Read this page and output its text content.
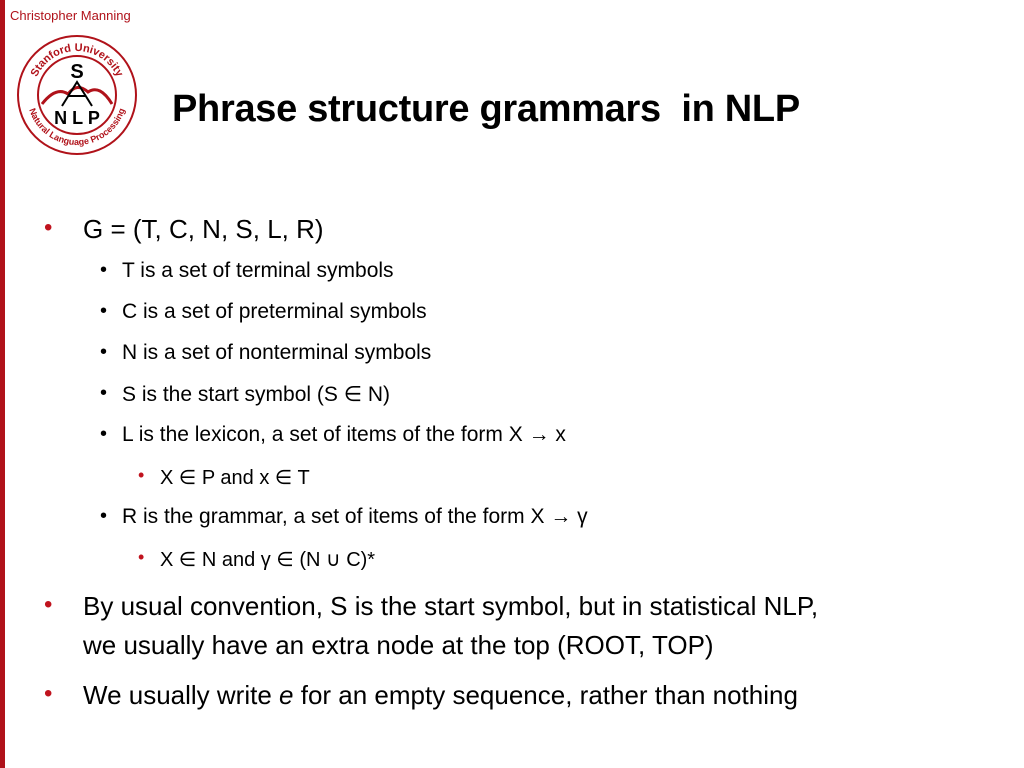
Christopher Manning
Stanford University
Natural Language Processing
S
N L P Phrase structure grammars  in NLP
• G = (T, C, N, S, L, R)
• T is a set of terminal symbols
• C is a set of preterminal symbols
• N is a set of nonterminal symbols
• S is the start symbol (S ∈ N)
• L is the lexicon, a set of items of the form X → x
• X ∈ P and x ∈ T
• R is the grammar, a set of items of the form X → γ
• X ∈ N and γ ∈ (N ∪ C)*
• By usual convention, S is the start symbol, but in statistical NLP,
we usually have an extra node at the top (ROOT, TOP)
• We usually write e for an empty sequence, rather than nothing
